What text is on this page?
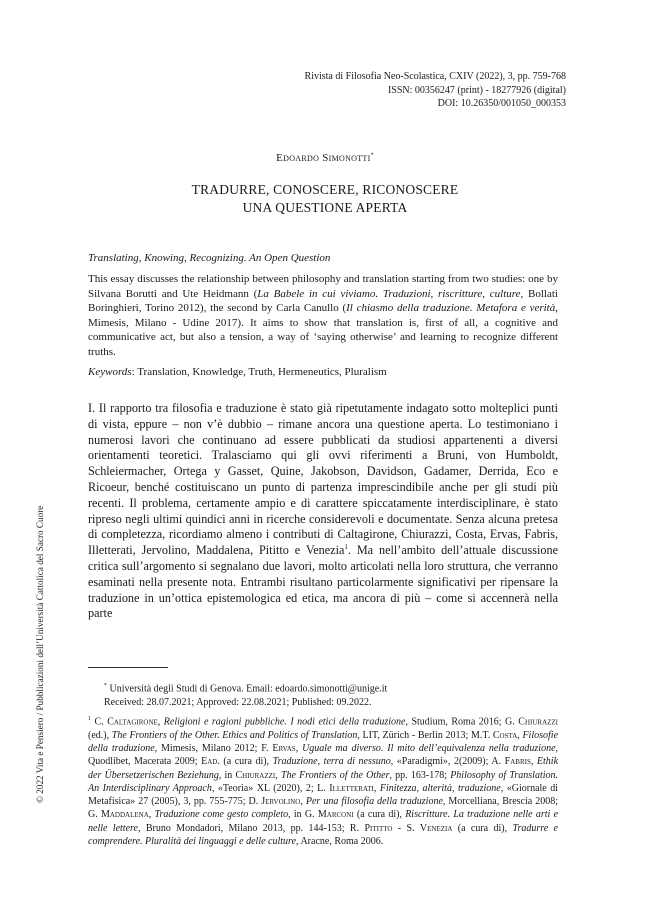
Rivista di Filosofia Neo-Scolastica, CXIV (2022), 3, pp. 759-768
ISSN: 00356247 (print) - 18277926 (digital)
DOI: 10.26350/001050_000353
Edoardo Simonotti*
TRADURRE, CONOSCERE, RICONOSCERE
UNA QUESTIONE APERTA
Translating, Knowing, Recognizing. An Open Question
This essay discusses the relationship between philosophy and translation starting from two studies: one by Silvana Borutti and Ute Heidmann (La Babele in cui viviamo. Traduzioni, riscritture, culture, Bollati Boringhieri, Torino 2012), the second by Carla Canullo (Il chiasmo della traduzione. Metafora e verità, Mimesis, Milano - Udine 2017). It aims to show that translation is, first of all, a cognitive and communicative act, but also a tension, a way of ‘saying otherwise’ and learning to recognize different truths.
Keywords: Translation, Knowledge, Truth, Hermeneutics, Pluralism
I. Il rapporto tra filosofia e traduzione è stato già ripetutamente indagato sotto molteplici punti di vista, eppure – non v’è dubbio – rimane ancora una questione aperta. Lo testimoniano i numerosi lavori che continuano ad essere pubblicati da studiosi appartenenti a diversi orientamenti teoretici. Tralasciamo qui gli ovvi riferimenti a Bruni, von Humboldt, Schleiermacher, Ortega y Gasset, Quine, Jakobson, Davidson, Gadamer, Derrida, Eco e Ricoeur, benché costituiscano un punto di partenza imprescindibile anche per gli studi più recenti. Il problema, certamente ampio e di carattere spiccatamente interdisciplinare, è stato ripreso negli ultimi quindici anni in ricerche considerevoli e documentate. Senza alcuna pretesa di completezza, ricordiamo almeno i contributi di Caltagirone, Chiurazzi, Costa, Ervas, Fabris, Illetterati, Jervolino, Maddalena, Pititto e Venezia$^1$. Ma nell’ambito dell’attuale discussione critica sull’argomento si segnalano due lavori, molto articolati nella loro struttura, che verranno esaminati nella presente nota. Entrambi risultano particolarmente significativi per ripensare la traduzione in un’ottica epistemologica ed etica, ma ancora di più – come si accennerà nella parte
* Università degli Studi di Genova. Email: edoardo.simonotti@unige.it
Received: 28.07.2021; Approved: 22.08.2021; Published: 09.2022.
$^1$ C. Caltagirone, Religioni e ragioni pubbliche. I nodi etici della traduzione, Studium, Roma 2016; G. Chiurazzi (ed.), The Frontiers of the Other. Ethics and Politics of Translation, LIT, Zürich - Berlin 2013; M.T. Costa, Filosofie della traduzione, Mimesis, Milano 2012; F. Ervas, Uguale ma diverso. Il mito dell’equivalenza nella traduzione, Quodlibet, Macerata 2009; Ead. (a cura di), Traduzione, terra di nessuno, «Paradigmi», 2(2009); A. Fabris, Ethik der Übersetzerischen Beziehung, in Chiurazzi, The Frontiers of the Other, pp. 163-178; Philosophy of Translation. An Interdisciplinary Approach, «Teoria» XL (2020), 2; L. Illetterati, Finitezza, alterità, traduzione, «Giornale di Metafisica» 27 (2005), 3, pp. 755-775; D. Jervolino, Per una filosofia della traduzione, Morcelliana, Brescia 2008; G. Maddalena, Traduzione come gesto completo, in G. Marconi (a cura di), Riscritture. La traduzione nelle arti e nelle lettere, Bruno Mondadori, Milano 2013, pp. 144-153; R. Pititto - S. Venezia (a cura di), Tradurre e comprendere. Pluralità dei linguaggi e delle culture, Aracne, Roma 2006.
© 2022 Vita e Pensiero / Pubblicazioni dell’Università Cattolica del Sacro Cuore
